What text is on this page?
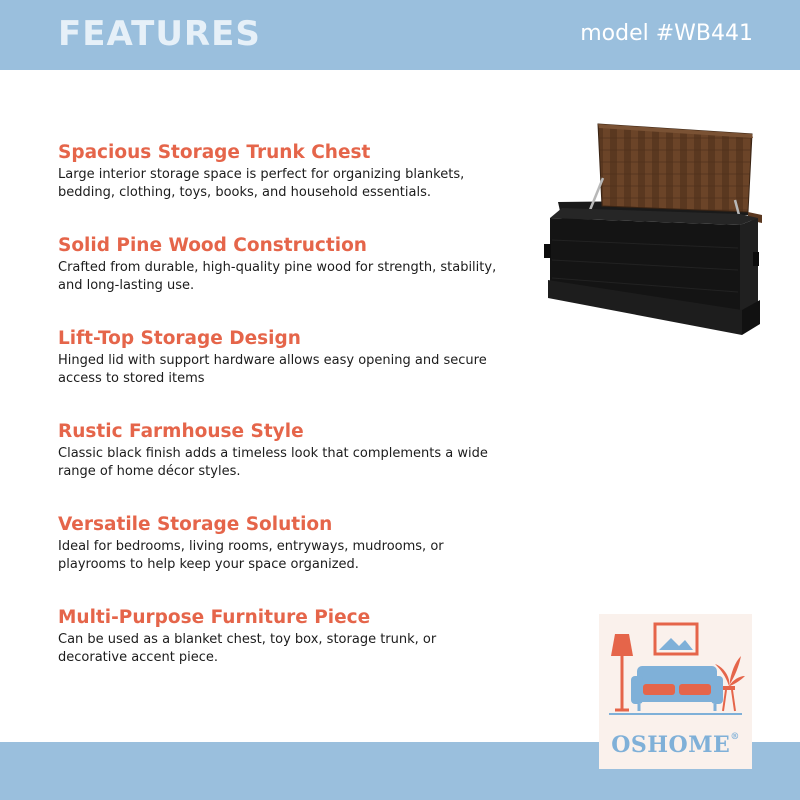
FEATURES	model #WB441
Spacious Storage Trunk Chest

Large interior storage space is perfect for organizing blankets, bedding, clothing, toys, books, and household essentials.

Solid Pine Wood Construction

Crafted from durable, high-quality pine wood for strength, stability, and long-lasting use.

Lift-Top Storage Design

Hinged lid with support hardware allows easy opening and secure access to stored items

Rustic Farmhouse Style

Classic black finish adds a timeless look that complements a wide range of home décor styles.

Versatile Storage Solution

Ideal for bedrooms, living rooms, entryways, mudrooms, or playrooms to help keep your space organized.

Multi-Purpose Furniture Piece

Can be used as a blanket chest, toy box, storage trunk, or decorative accent piece.

OSHOME®
